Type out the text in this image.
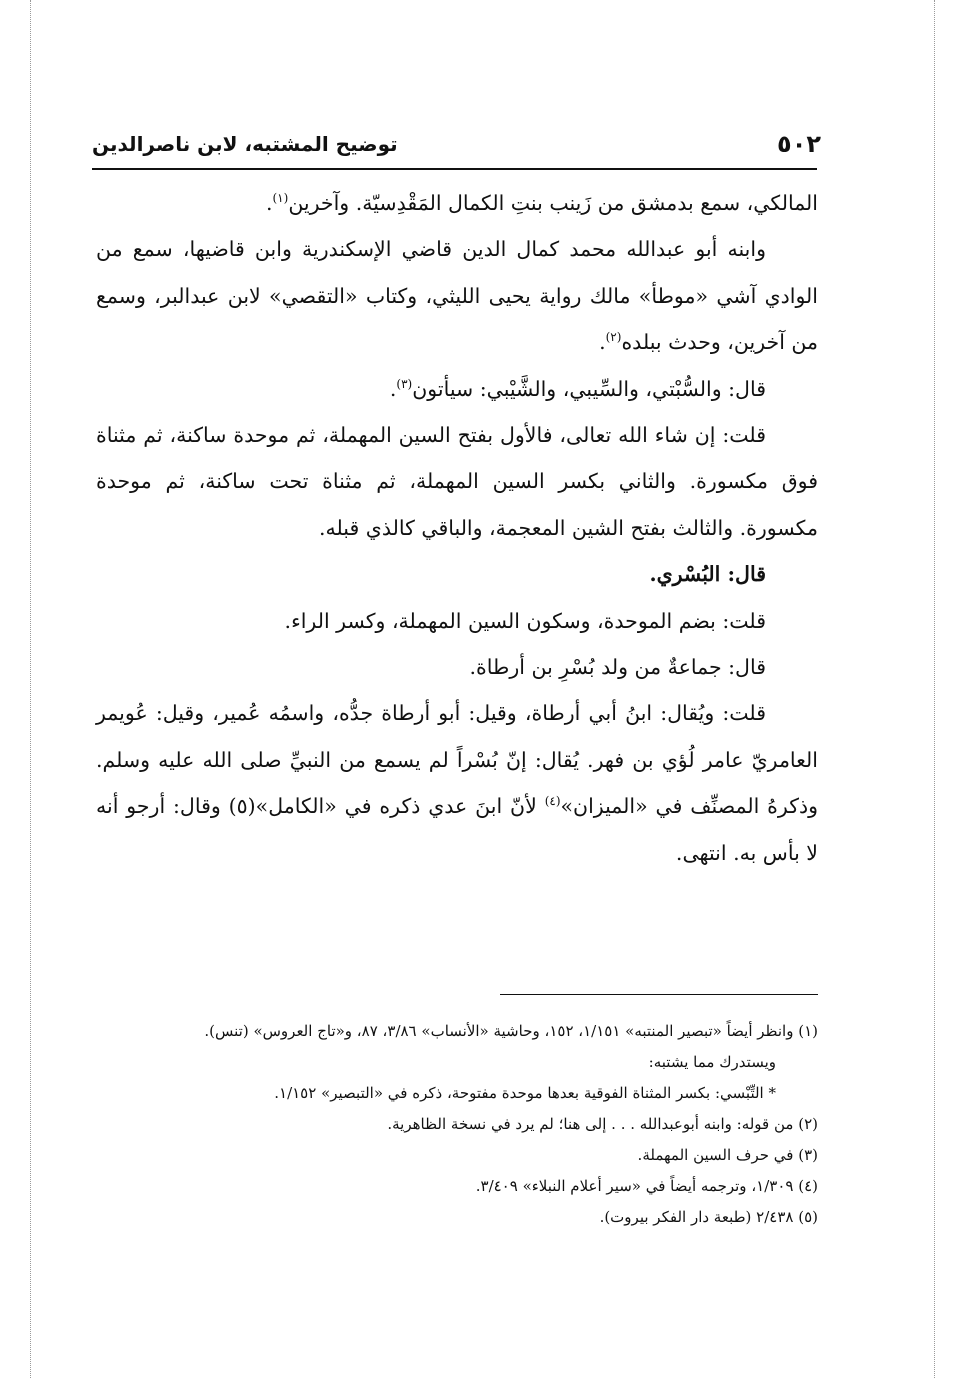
٥٠٢
توضيح المشتبه، لابن ناصرالدين

المالكي، سمع بدمشق من زَينب بنتِ الكمال المَقْدِسيّة. وآخرين$^{(١)}$.

وابنه أبو عبدالله محمد كمال الدين قاضي الإسكندرية وابن قاضيها، سمع من الوادي آشي «موطأ» مالك رواية يحيى الليثي، وكتاب «التقصي» لابن عبدالبر، وسمع من آخرين، وحدث ببلده$^{(٢)}$.

قال: والسُّبْتي، والسِّيبي، والشَّيْبي: سيأتون$^{(٣)}$.

قلت: إن شاء الله تعالى، فالأول بفتح السين المهملة، ثم موحدة ساكنة، ثم مثناة فوق مكسورة. والثاني بكسر السين المهملة، ثم مثناة تحت ساكنة، ثم موحدة مكسورة. والثالث بفتح الشين المعجمة، والباقي كالذي قبله.

قال: البُسْري.

قلت: بضم الموحدة، وسكون السين المهملة، وكسر الراء.

قال: جماعةٌ من ولد بُسْرِ بن أرطاة.

قلت: ويُقال: ابنُ أبي أرطاة، وقيل: أبو أرطاة جدُّه، واسمُه عُمير، وقيل: عُويمر العامريّ عامر لُؤي بن فهر. يُقال: إنّ بُسْراً لم يسمع من النبيِّ صلى الله عليه وسلم. وذكرهُ المصنِّف في «الميزان»$^{(٤)}$ لأنّ ابنَ عدي ذكره في «الكامل»(٥) وقال: أرجو أنه لا بأس به. انتهى.

(١) وانظر أيضاً «تبصير المنتبه» ١/١٥١، ١٥٢، وحاشية «الأنساب» ٣/٨٦، ٨٧، و«تاج العروس» (تنس).

ويستدرك مما يشتبه:

* التِّبْسي: بكسر المثناة الفوقية بعدها موحدة مفتوحة، ذكره في «التبصير» ١/١٥٢.

(٢) من قوله: وابنه أبوعبدالله . . . إلى هنا؛ لم يرد في نسخة الظاهرية.

(٣) في حرف السين المهملة.

(٤) ١/٣٠٩، وترجمه أيضاً في «سير أعلام النبلاء» ٣/٤٠٩.

(٥) ٢/٤٣٨ (طبعة دار الفكر بيروت).
